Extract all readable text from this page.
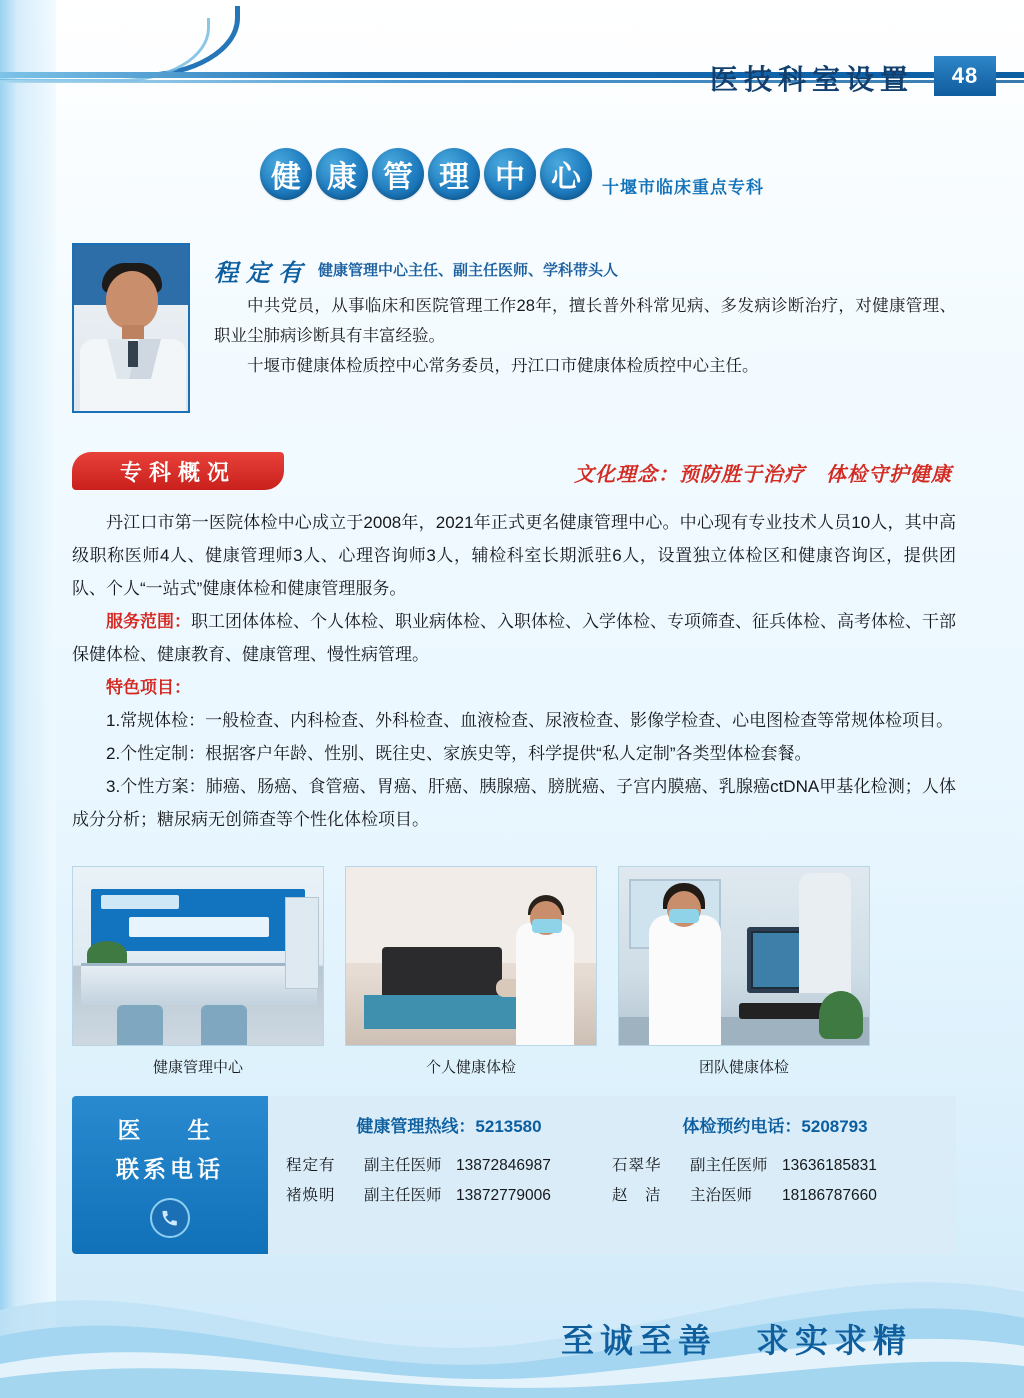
医技科室设置	48
健 康 管 理 中 心	十堰市临床重点专科
程定有 健康管理中心主任、副主任医师、学科带头人
中共党员，从事临床和医院管理工作28年，擅长普外科常见病、多发病诊断治疗，对健康管理、职业尘肺病诊断具有丰富经验。
十堰市健康体检质控中心常务委员，丹江口市健康体检质控中心主任。
专科概况	文化理念：预防胜于治疗　体检守护健康

丹江口市第一医院体检中心成立于2008年，2021年正式更名健康管理中心。中心现有专业技术人员10人，其中高级职称医师4人、健康管理师3人、心理咨询师3人，辅检科室长期派驻6人，设置独立体检区和健康咨询区，提供团队、个人“一站式”健康体检和健康管理服务。

服务范围：职工团体体检、个人体检、职业病体检、入职体检、入学体检、专项筛查、征兵体检、高考体检、干部保健体检、健康教育、健康管理、慢性病管理。

特色项目：

1.常规体检：一般检查、内科检查、外科检查、血液检查、尿液检查、影像学检查、心电图检查等常规体检项目。

2.个性定制：根据客户年龄、性别、既往史、家族史等，科学提供“私人定制”各类型体检套餐。

3.个性方案：肺癌、肠癌、食管癌、胃癌、肝癌、胰腺癌、膀胱癌、子宫内膜癌、乳腺癌ctDNA甲基化检测；人体成分分析；糖尿病无创筛查等个性化体检项目。

健康管理中心	个人健康体检	团队健康体检
医　生
联系电话
健康管理热线：5213580	体检预约电话：5208793
程定有	副主任医师 13872846987
褚焕明	副主任医师 13872779006
石翠华	副主任医师 13636185831
赵　洁	主治医师	18186787660
至诚至善　求实求精
